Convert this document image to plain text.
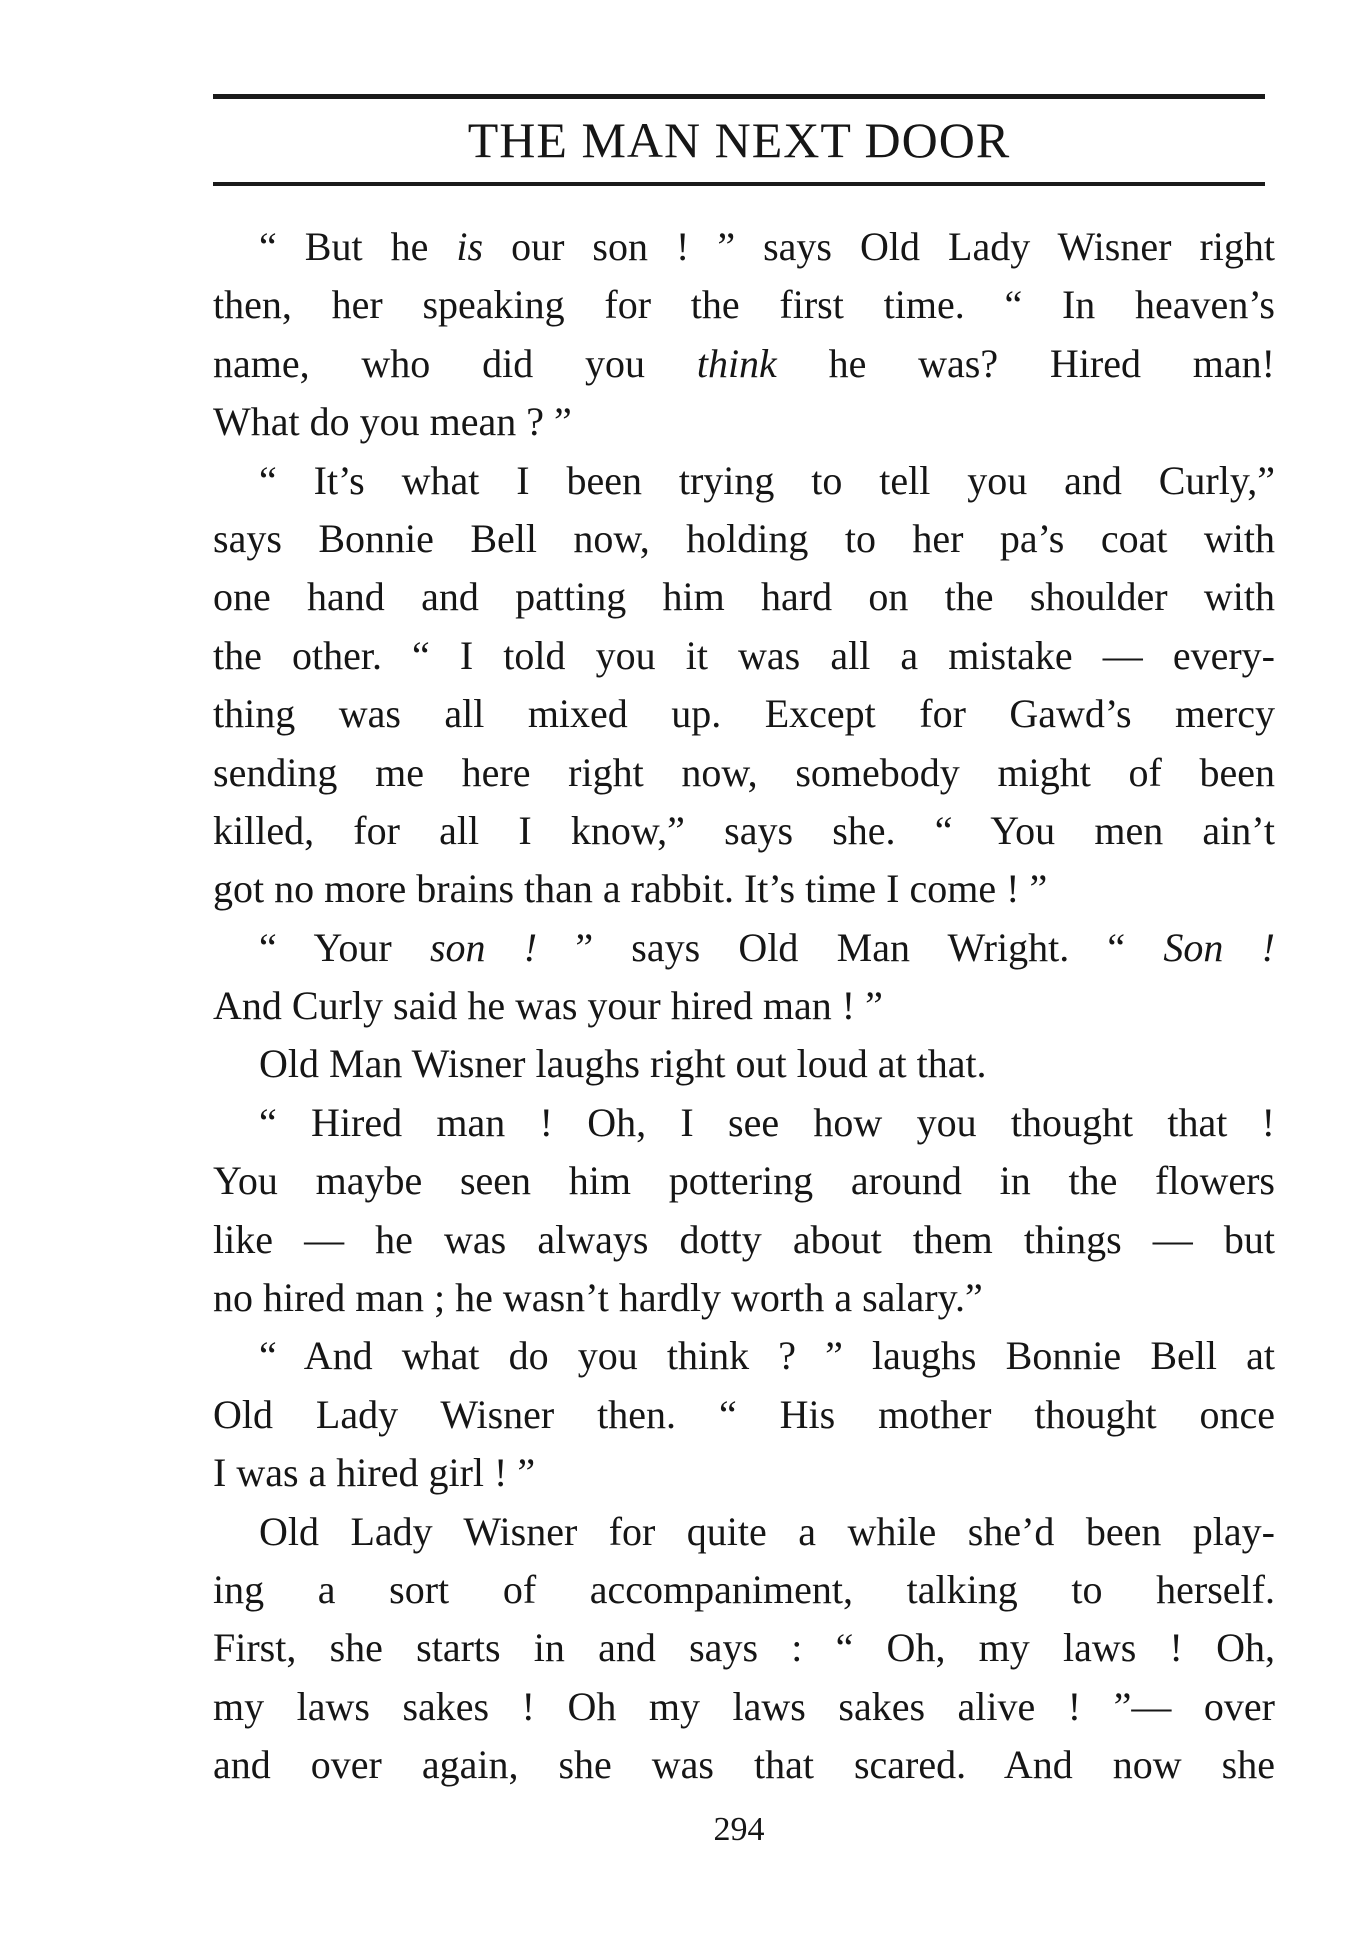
THE MAN NEXT DOOR
“ But he is our son ! ” says Old Lady Wisner right
then, her speaking for the first time. “ In heaven’s
name, who did you think he was? Hired man!
What do you mean ? ”
“ It’s what I been trying to tell you and Curly,”
says Bonnie Bell now, holding to her pa’s coat with
one hand and patting him hard on the shoulder with
the other. “ I told you it was all a mistake — every-
thing was all mixed up. Except for Gawd’s mercy
sending me here right now, somebody might of been
killed, for all I know,” says she. “ You men ain’t
got no more brains than a rabbit. It’s time I come ! ”
“ Your son ! ” says Old Man Wright. “ Son !
And Curly said he was your hired man ! ”
Old Man Wisner laughs right out loud at that.
“ Hired man ! Oh, I see how you thought that !
You maybe seen him pottering around in the flowers
like — he was always dotty about them things — but
no hired man ; he wasn’t hardly worth a salary.”
“ And what do you think ? ” laughs Bonnie Bell at
Old Lady Wisner then. “ His mother thought once
I was a hired girl ! ”
Old Lady Wisner for quite a while she’d been play-
ing a sort of accompaniment, talking to herself.
First, she starts in and says : “ Oh, my laws ! Oh,
my laws sakes ! Oh my laws sakes alive ! ”— over
and over again, she was that scared. And now she
294
